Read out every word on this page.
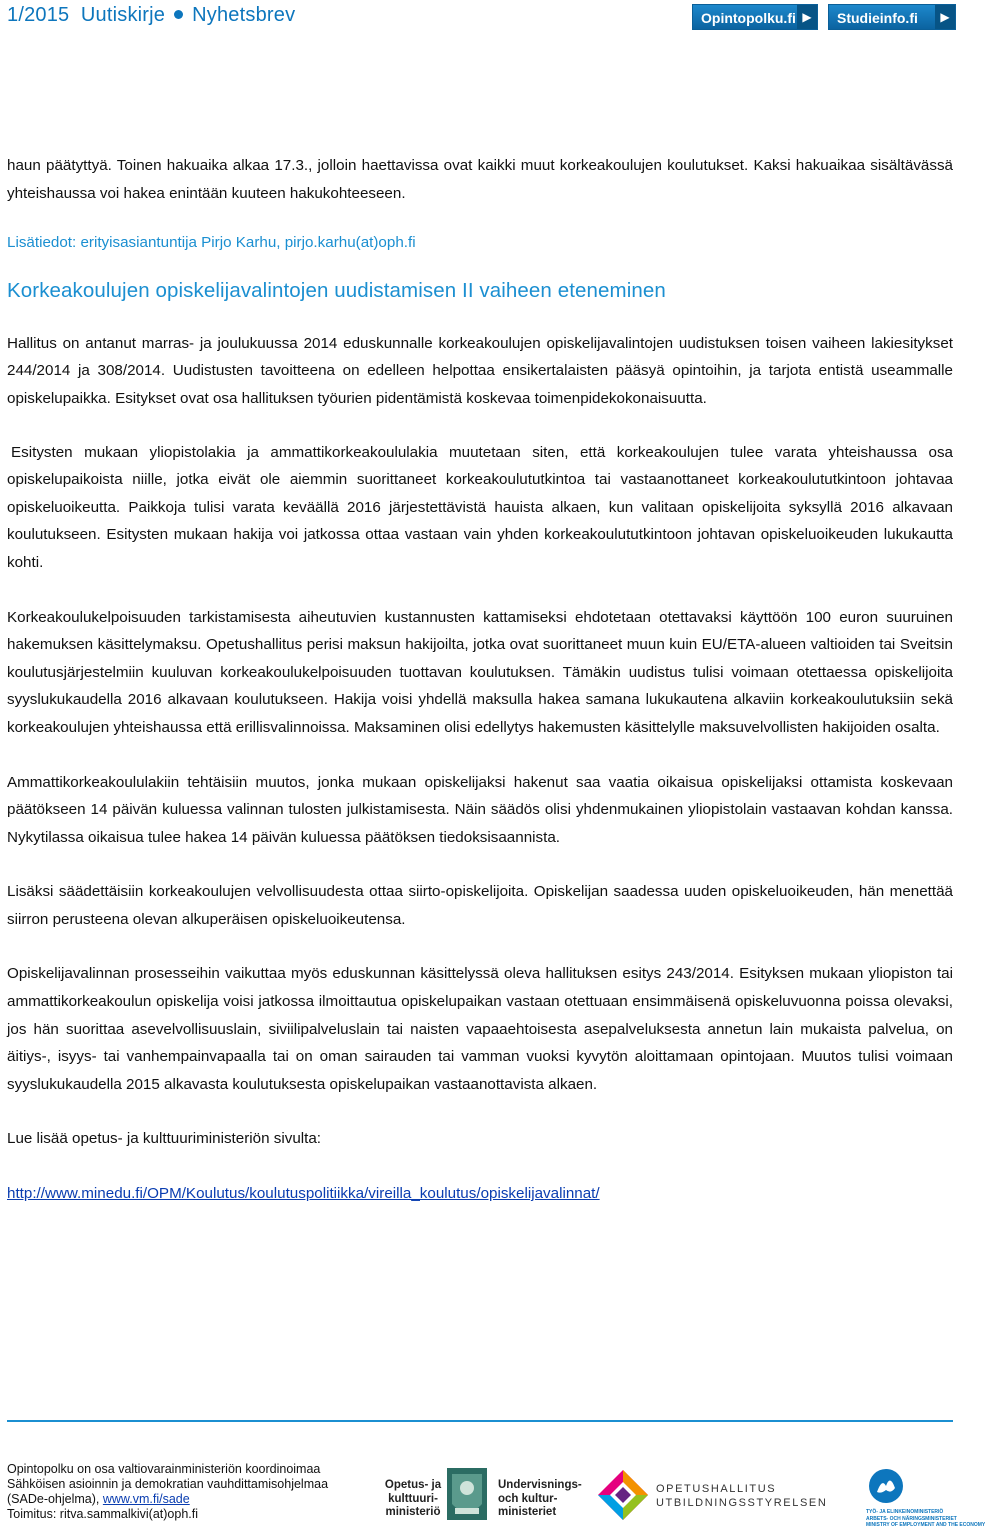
1/2015 Uutiskirje Nyhetsbrev	Opintopolku.fi ▶	Studieinfo.fi	▶

haun päätyttyä. Toinen hakuaika alkaa 17.3., jolloin haettavissa ovat kaikki muut korkeakoulujen koulutukset. Kaksi hakuaikaa sisältävässä yhteishaussa voi hakea enintään kuuteen hakukohteeseen.

Lisätiedot: erityisasiantuntija Pirjo Karhu, pirjo.karhu(at)oph.fi

Korkeakoulujen opiskelijavalintojen uudistamisen II vaiheen eteneminen

Hallitus on antanut marras- ja joulukuussa 2014 eduskunnalle korkeakoulujen opiskelijavalintojen uudistuksen toisen vaiheen lakiesitykset 244/2014 ja 308/2014. Uudistusten tavoitteena on edelleen helpottaa ensikertalaisten pääsyä opintoihin, ja tarjota entistä useammalle opiskelupaikka. Esitykset ovat osa hallituksen työurien pidentämistä koskevaa toimenpidekokonaisuutta.

Esitysten mukaan yliopistolakia ja ammattikorkeakoululakia muutetaan siten, että korkeakoulujen tulee varata yhteishaussa osa opiskelupaikoista niille, jotka eivät ole aiemmin suorittaneet korkeakoulututkintoa tai vastaanottaneet korkeakoulututkintoon johtavaa opiskeluoikeutta. Paikkoja tulisi varata keväällä 2016 järjestettävistä hauista alkaen, kun valitaan opiskelijoita syksyllä 2016 alkavaan koulutukseen. Esitysten mukaan hakija voi jatkossa ottaa vastaan vain yhden korkeakoulututkintoon johtavan opiskeluoikeuden lukukautta kohti.

Korkeakoulukelpoisuuden tarkistamisesta aiheutuvien kustannusten kattamiseksi ehdotetaan otettavaksi käyttöön 100 euron suuruinen hakemuksen käsittelymaksu. Opetushallitus perisi maksun hakijoilta, jotka ovat suorittaneet muun kuin EU/ETA-alueen valtioiden tai Sveitsin koulutusjärjestelmiin kuuluvan korkeakoulukelpoisuuden tuottavan koulutuksen. Tämäkin uudistus tulisi voimaan otettaessa opiskelijoita syyslukukaudella 2016 alkavaan koulutukseen. Hakija voisi yhdellä maksulla hakea samana lukukautena alkaviin korkeakoulutuksiin sekä korkeakoulujen yhteishaussa että erillisvalinnoissa. Maksaminen olisi edellytys hakemusten käsittelylle maksuvelvollisten hakijoiden osalta.

Ammattikorkeakoululakiin tehtäisiin muutos, jonka mukaan opiskelijaksi hakenut saa vaatia oikaisua opiskelijaksi ottamista koskevaan päätökseen 14 päivän kuluessa valinnan tulosten julkistamisesta. Näin säädös olisi yhdenmukainen yliopistolain vastaavan kohdan kanssa. Nykytilassa oikaisua tulee hakea 14 päivän kuluessa päätöksen tiedoksisaannista.

Lisäksi säädettäisiin korkeakoulujen velvollisuudesta ottaa siirto-opiskelijoita. Opiskelijan saadessa uuden opiskeluoikeuden, hän menettää siirron perusteena olevan alkuperäisen opiskeluoikeutensa.

Opiskelijavalinnan prosesseihin vaikuttaa myös eduskunnan käsittelyssä oleva hallituksen esitys 243/2014. Esityksen mukaan yliopiston tai ammattikorkeakoulun opiskelija voisi jatkossa ilmoittautua opiskelupaikan vastaan otettuaan ensimmäisenä opiskeluvuonna poissa olevaksi, jos hän suorittaa asevelvollisuuslain, siviilipalveluslain tai naisten vapaaehtoisesta asepalveluksesta annetun lain mukaista palvelua, on äitiys-, isyys- tai vanhempainvapaalla tai on oman sairauden tai vamman vuoksi kyvytön aloittamaan opintojaan. Muutos tulisi voimaan syyslukukaudella 2015 alkavasta koulutuksesta opiskelupaikan vastaanottavista alkaen.

Lue lisää opetus- ja kulttuuriministeriön sivulta:

http://www.minedu.fi/OPM/Koulutus/koulutuspolitiikka/vireilla_koulutus/opiskelijavalinnat/
Opintopolku on osa valtiovarainministeriön koordinoimaa
Sähköisen asioinnin ja demokratian vauhdittamisohjelmaa
(SADe-ohjelma), www.vm.fi/sade
Toimitus: ritva.sammalkivi(at)oph.fi
Opetus- ja
kulttuuri-
ministeriö
Undervisnings-
och kultur-
ministeriet
OPETUSHALLITUS
UTBILDNINGSSTYRELSEN
TYÖ- JA ELINKEINOMINISTERIÖ
ARBETS- OCH NÄRINGSMINISTERIET
MINISTRY OF EMPLOYMENT AND THE ECONOMY
